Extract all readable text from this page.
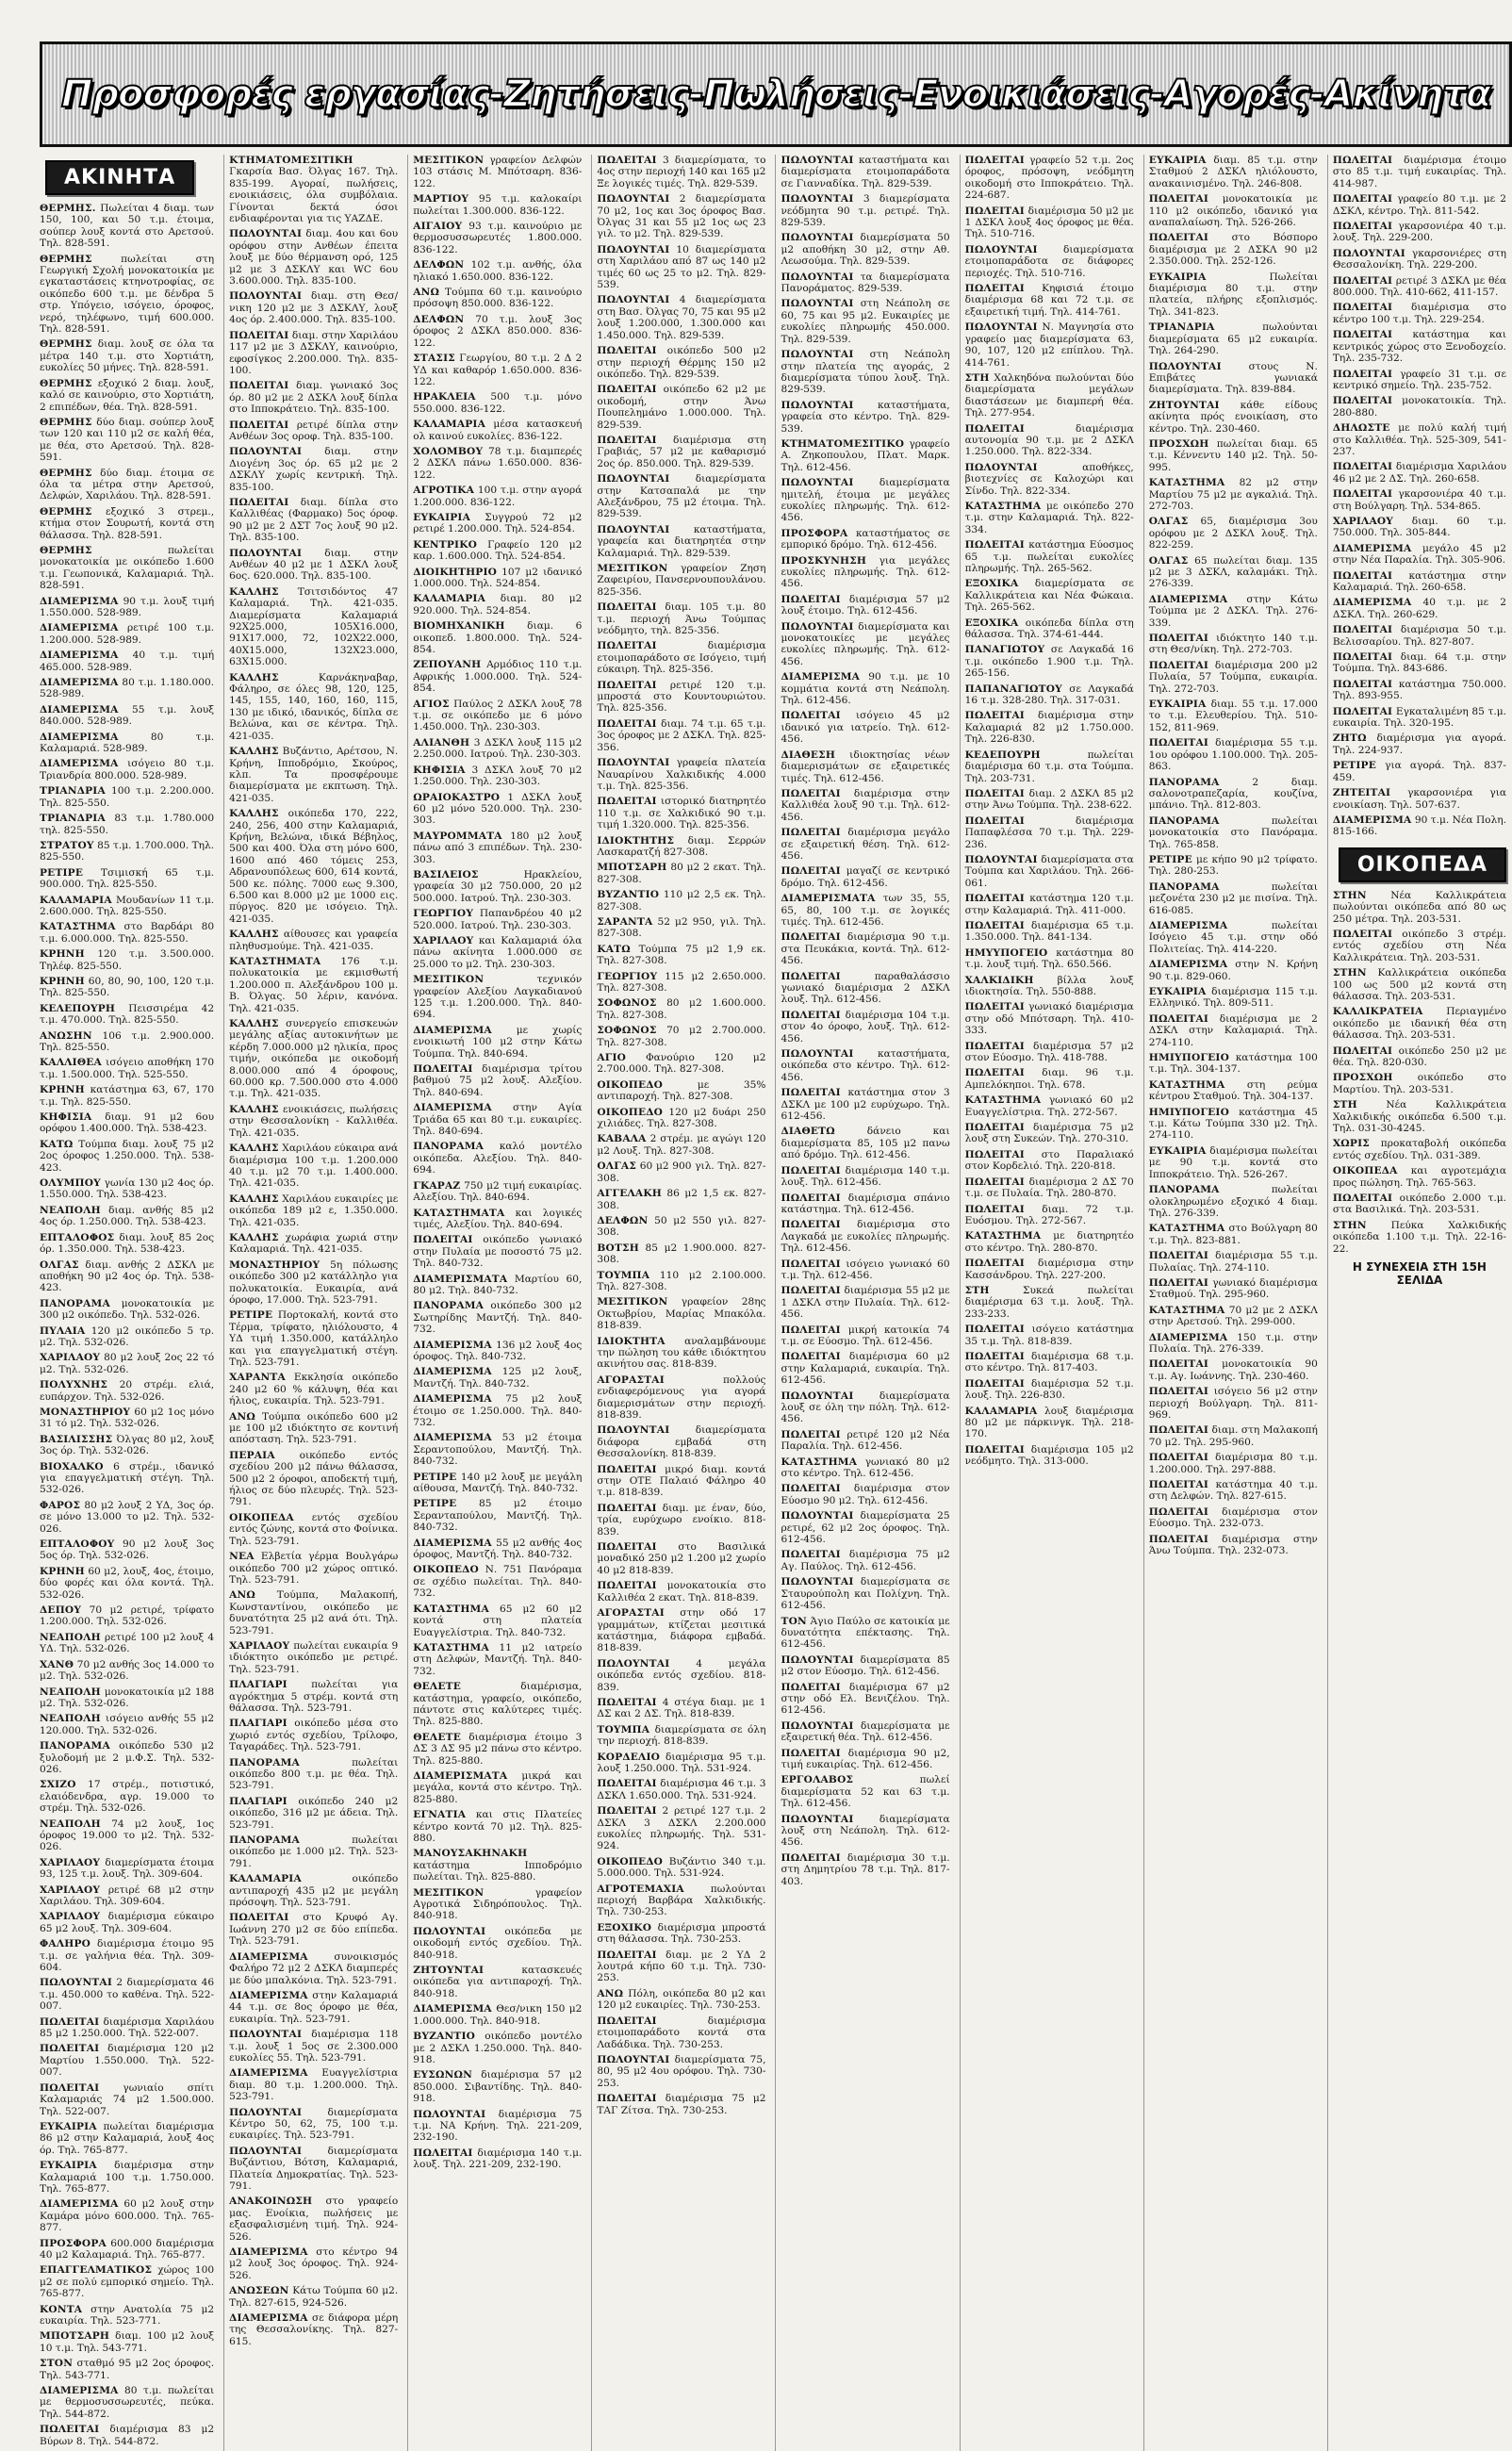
Προσφορές εργασίας-Ζητήσεις-Πωλήσεις-Ενοικιάσεις-Αγορές-Ακίνητα
ΑΚΙΝΗΤΑ

ΘΕΡΜΗΣ. Πωλείται 4 διαμ. των 150, 100, και 50 τ.μ. έτοιμα, σούπερ λουξ κοντά στο Αρετσού. Τηλ. 828-591.

ΘΕΡΜΗΣ	πωλείται στη Γεωργική Σχολή μονοκατοικία με εγκαταστάσεις κτηνοτροφίας, σε οικόπεδο 600 τ.μ. με δένδρα 5 στρ. Υπόγειο, ισόγειο, όροφος, νερό, τηλέφωνο, τιμή 600.000. Τηλ. 828-591.

ΘΕΡΜΗΣ διαμ. λουξ σε όλα τα μέτρα 140 τ.μ. στο Χορτιάτη, ευκολίες 50 μήνες. Τηλ. 828-591.

ΘΕΡΜΗΣ εξοχικό 2 διαμ. λουξ, καλό σε καινούριο, στο Χορτιάτη, 2 επιπέδων, θέα. Τηλ. 828-591.

ΘΕΡΜΗΣ δύο διαμ. σούπερ λουξ των 120 και 110 μ2 σε καλή θέα, με θέα, στο Αρετσού. Τηλ. 828-591.

ΘΕΡΜΗΣ δύο διαμ. έτοιμα σε όλα τα μέτρα στην Αρετσού, Δελφών, Χαριλάου. Τηλ. 828-591.

ΘΕΡΜΗΣ εξοχικό 3 στρεμ., κτήμα στον Σουρωτή, κοντά στη θάλασσα. Τηλ. 828-591.

ΘΕΡΜΗΣ	πωλείται μονοκατοικία με οικόπεδο 1.600 τ.μ. Γεωπονικά, Καλαμαριά. Τηλ. 828-591.

ΔΙΑΜΕΡΙΣΜΑ 90 τ.μ. λουξ τιμή 1.550.000. 528-989.

ΔΙΑΜΕΡΙΣΜΑ ρετιρέ 100 τ.μ. 1.200.000. 528-989.

ΔΙΑΜΕΡΙΣΜΑ 40 τ.μ. τιμή 465.000. 528-989.

ΔΙΑΜΕΡΙΣΜΑ 80 τ.μ. 1.180.000. 528-989.

ΔΙΑΜΕΡΙΣΜΑ 55 τ.μ. λουξ 840.000. 528-989.

ΔΙΑΜΕΡΙΣΜΑ	80 τ.μ. Καλαμαριά. 528-989.

ΔΙΑΜΕΡΙΣΜΑ ισόγειο 80 τ.μ. Τριανδρία 800.000. 528-989.

ΤΡΙΑΝΔΡΙΑ 100 τ.μ. 2.200.000. Τηλ. 825-550.

ΤΡΙΑΝΔΡΙΑ 83 τ.μ. 1.780.000 τηλ. 825-550.

ΣΤΡΑΤΟΥ 85 τ.μ. 1.700.000. Τηλ. 825-550.

ΡΕΤΙΡΕ Τσιμισκή 65 τ.μ. 900.000. Τηλ. 825-550.

ΚΑΛΑΜΑΡΙΑ Μουδανίων 11 τ.μ. 2.600.000. Τηλ. 825-550.

ΚΑΤΑΣΤΗΜΑ στο Βαρδάρι 80 τ.μ. 6.000.000. Τηλ. 825-550.

ΚΡΗΝΗ 120 τ.μ. 3.500.000. Τηλέφ. 825-550.

ΚΡΗΝΗ 60, 80, 90, 100, 120 τ.μ. Τηλ. 825-550.

ΚΕΛΕΠΟΥΡΗ Πεισσιρέμα 42 τ.μ. 470.000. Τηλ. 825-550.

ΑΝΩΣΗΝ 106 τ.μ. 2.900.000. Τηλ. 825-550.

ΚΑΛΛΙΘΕΑ ισόγειο αποθήκη 170 τ.μ. 1.500.000. Τηλ. 525-550.

ΚΡΗΝΗ κατάστημα 63, 67, 170 τ.μ. Τηλ. 825-550.

ΚΗΦΙΣΙΑ διαμ. 91 μ2 6ου ορόφου 1.400.000. Τηλ. 538-423.

ΚΑΤΩ Τούμπα διαμ. λουξ 75 μ2 2ος όροφος 1.250.000. Τηλ. 538-423.

ΟΛΥΜΠΟΥ γωνία 130 μ2 4ος όρ. 1.550.000. Τηλ. 538-423.

ΝΕΑΠΟΛΗ διαμ. ανθής 85 μ2 4ος όρ. 1.250.000. Τηλ. 538-423.

ΕΠΤΑΛΟΦΟΣ διαμ. λουξ 85 2ος όρ. 1.350.000. Τηλ. 538-423.

ΟΛΓΑΣ διαμ. ανθής 2 ΔΣΚΛ με αποθήκη 90 μ2 4ος όρ. Τηλ. 538-423.

ΠΑΝΟΡΑΜΑ μονοκατοικία με 300 μ2 οικόπεδο. Τηλ. 532-026.

ΠΥΛΑΙΑ 120 μ2 οικόπεδο 5 τρ. μ2. Τηλ. 532-026.

ΧΑΡΙΛΑΟΥ 80 μ2 λουξ 2ος 22 τό μ2. Τηλ. 532-026.

ΠΟΛΥΧΝΗΣ 20 στρέμ. ελιά, ευπάρχον. Τηλ. 532-026.

ΜΟΝΑΣΤΗΡΙΟΥ 60 μ2 1ος μόνο 31 τό μ2. Τηλ. 532-026.

ΒΑΣΙΛΙΣΣΗΣ Όλγας 80 μ2, λουξ 3ος όρ. Τηλ. 532-026.

ΒΙΟΧΑΛΚΟ 6 στρέμ., ιδανικό για επαγγελματική στέγη. Τηλ. 532-026.

ΦΑΡΟΣ 80 μ2 λουξ 2 ΥΔ, 3ος όρ. σε μόνο 13.000 το μ2. Τηλ. 532-026.

ΕΠΤΑΛΟΦΟΥ 90 μ2 λουξ 3ος 5ος όρ. Τηλ. 532-026.

ΚΡΗΝΗ 60 μ2, λουξ, 4ος, έτοιμο, δύο φορές και όλα κοντά. Τηλ. 532-026.

ΔΕΠΟΥ 70 μ2 ρετιρέ, τρίφατο 1.200.000. Τηλ. 532-026.

ΝΕΑΠΟΛΗ ρετιρέ 100 μ2 λουξ 4 ΥΔ. Τηλ. 532-026.

ΧΑΝΘ 70 μ2 ανθής 3ος 14.000 το μ2. Τηλ. 532-026.

ΝΕΑΠΟΛΗ μονοκατοικία μ2 188 μ2. Τηλ. 532-026.

ΝΕΑΠΟΛΗ ισόγειο ανθής 55 μ2 120.000. Τηλ. 532-026.

ΠΑΝΟΡΑΜΑ οικόπεδο 530 μ2 ξυλοδομή με 2 μ.Φ.Σ. Τηλ. 532-026.

ΣΧΙΖΟ 17 στρέμ., ποτιστικό, ελαιόδενδρα, αγρ. 19.000 το στρέμ. Τηλ. 532-026.

ΝΕΑΠΟΛΗ 74 μ2 λουξ, 1ος όροφος 19.000 το μ2. Τηλ. 532-026.

ΧΑΡΙΛΑΟΥ διαμερίσματα έτοιμα 93, 125 τ.μ. λουξ. Τηλ. 309-604.

ΧΑΡΙΛΑΟΥ ρετιρέ 68 μ2 στην Χαριλάου. Τηλ. 309-604.

ΧΑΡΙΛΑΟΥ διαμέρισμα εύκαιρο 65 μ2 λουξ. Τηλ. 309-604.

ΦΑΛΗΡΟ διαμέρισμα έτοιμο 95 τ.μ. σε γαλήνια θέα. Τηλ. 309-604.

ΠΩΛΟΥΝΤΑΙ 2 διαμερίσματα 46 τ.μ. 450.000 το καθένα. Τηλ. 522-007.

ΠΩΛΕΙΤΑΙ διαμέρισμα Χαριλάου 85 μ2 1.250.000. Τηλ. 522-007.

ΠΩΛΕΙΤΑΙ διαμέρισμα 120 μ2 Μαρτίου 1.550.000. Τηλ. 522-007.

ΠΩΛΕΙΤΑΙ γωνιαίο σπίτι Καλαμαριάς 74 μ2 1.500.000. Τηλ. 522-007.

ΕΥΚΑΙΡΙΑ πωλείται διαμέρισμα 86 μ2 στην Καλαμαριά, λουξ 4ος όρ. Τηλ. 765-877.

ΕΥΚΑΙΡΙΑ διαμέρισμα στην Καλαμαριά 100 τ.μ. 1.750.000. Τηλ. 765-877.

ΔΙΑΜΕΡΙΣΜΑ 60 μ2 λουξ στην Καμάρα μόνο 600.000. Τηλ. 765-877.

ΠΡΟΣΦΟΡΑ 600.000 διαμέρισμα 40 μ2 Καλαμαριά. Τηλ. 765-877.

ΕΠΑΓΓΕΛΜΑΤΙΚΟΣ χώρος 100 μ2 σε πολύ εμπορικό σημείο. Τηλ. 765-877.

ΚΟΝΤΑ στην Ανατολία 75 μ2 ευκαιρία. Τηλ. 523-771.

ΜΠΟΤΣΑΡΗ διαμ. 100 μ2 λουξ 10 τ.μ. Τηλ. 543-771.

ΣΤΟΝ σταθμό 95 μ2 2ος όροφος. Τηλ. 543-771.

ΔΙΑΜΕΡΙΣΜΑ 80 τ.μ. πωλείται με θερμοσυσσωρευτές, πεύκα. Τηλ. 544-872.

ΠΩΛΕΙΤΑΙ διαμέρισμα 83 μ2 Βύρων 8. Τηλ. 544-872.

ΚΤΗΜΑΤΟΜΕΣΙΤΙΚΗ Γκαρσία Βασ. Όλγας 167. Τηλ. 835-199. Αγοραί, πωλήσεις, ενοικιάσεις, όλα συμβόλαια. Γίνονται δεκτά όσοι ενδιαφέρονται για τις ΥΑΖΔΕ.

ΠΩΛΟΥΝΤΑΙ διαμ. 4ου και 6ου ορόφου στην Ανθέων έπειτα λουξ με δύο θέρμανση ορό, 125 μ2 με 3 ΔΣΚΛΥ και WC 6ου 3.600.000. Τηλ. 835-100.

ΠΩΛΟΥΝΤΑΙ διαμ. στη Θεσ/νικη 120 μ2 με 3 ΔΣΚΛΥ, λουξ 4ος όρ. 2.400.000. Τηλ. 835-100.

ΠΩΛΕΙΤΑΙ διαμ. στην Χαριλάου 117 μ2 με 3 ΔΣΚΛΥ, καινούριο, εφοσίγκος 2.200.000. Τηλ. 835-100.

ΠΩΛΕΙΤΑΙ διαμ. γωνιακό 3ος όρ. 80 μ2 με 2 ΔΣΚΛ λουξ δίπλα στο Ιπποκράτειο. Τηλ. 835-100.

ΠΩΛΕΙΤΑΙ ρετιρέ δίπλα στην Ανθέων 3ος οροφ. Τηλ. 835-100.

ΠΩΛΟΥΝΤΑΙ διαμ. στην Διογένη 3ος όρ. 65 μ2 με 2 ΔΣΚΛΥ χωρίς κεντρική. Τηλ. 835-100.

ΠΩΛΕΙΤΑΙ διαμ. δίπλα στο Καλλιθέας (Φαρμακο) 5ος όροφ. 90 μ2 με 2 ΔΣΤ 7ος λουξ 90 μ2. Τηλ. 835-100.

ΠΩΛΟΥΝΤΑΙ διαμ. στην Ανθέων 40 μ2 με 1 ΔΣΚΛ λουξ 6ος. 620.000. Τηλ. 835-100.

ΚΑΛΛΗΣ Τσιτσιδόντος 47 Καλαμαριά. Τηλ. 421-035. Διαμερίσματα Καλαμαριά 92Χ25.000, 105Χ16.000, 91Χ17.000, 72, 102Χ22.000, 40Χ15.000, 132Χ23.000, 63Χ15.000.

ΚΑΛΛΗΣ	Καρνάκηναβαρ, Φάληρο, σε όλες 98, 120, 125, 145, 155, 140, 160, 160, 115, 130 με ιδικό, ιδανικός, δίπλα σε Βελώνα, και σε κέντρα. Τηλ. 421-035.

ΚΑΛΛΗΣ Βυζάντιο, Αρέτσου, Ν. Κρήνη, Ιπποδρόμιο, Σκούρος, κλπ. Τα προσφέρουμε διαμερίσματα με εκπτωση. Τηλ. 421-035.

ΚΑΛΛΗΣ οικόπεδα 170, 222, 240, 256, 400 στην Καλαμαριά, Κρήνη, Βελώνα, ιδικά Βέβηλος, 500 και 400. Όλα στη μόνο 600, 1600 από 460 τόμεις 253, Αδρανουπόλεως 600, 614 κοντά, 500 κε. πόλης. 7000 εως 9.300, 6.500 και 8.000 μ2 με 1000 εις. πύργος. 820 με ισόγειο. Τηλ. 421-035.

ΚΑΛΛΗΣ αίθουσες και γραφεία πληθυσμούμε. Τηλ. 421-035.

ΚΑΤΑΣΤΗΜΑΤΑ 176 τ.μ. πολυκατοικία με εκμισθωτή 1.200.000 π. Αλεξάνδρου 100 μ. Β. Όλγας. 50 λέριν, κανόνα. Τηλ. 421-035.

ΚΑΛΛΗΣ συνεργείο επισκευών μεγάλης αξίας αυτοκινήτων με κέρδη 7.000.000 μ2 ηλικία, προς τιμήν, οικόπεδα με οικοδομή 8.000.000 από 4 όροφους, 60.000 κρ. 7.500.000 στο 4.000 τ.μ. Τηλ. 421-035.

ΚΑΛΛΗΣ ενοικιάσεις, πωλήσεις στην Θεσσαλονίκη - Καλλιθέα. Τηλ. 421-035.

ΚΑΛΛΗΣ Χαριλάου εύκαιρα ανά διαμέρισμα 100 τ.μ. 1.200.000 40 τ.μ. μ2 70 τ.μ. 1.400.000. Τηλ. 421-035.

ΚΑΛΛΗΣ Χαριλάου ευκαιρίες με οικόπεδα 189 μ2 ε, 1.350.000. Τηλ. 421-035.

ΚΑΛΛΗΣ χωράφια χωριά στην Καλαμαριά. Τηλ. 421-035.

ΜΟΝΑΣΤΗΡΙΟΥ 5η πόλωσης οικόπεδο 300 μ2 κατάλληλο για πολυκατοικία. Ευκαιρία, ανά όροφο, 17.000. Τηλ. 523-791.

ΡΕΤΙΡΕ Πορτοκαλή, κοντά στο Τέρμα, τρίφατο, ηλιόλουστο, 4 ΥΔ τιμή 1.350.000, κατάλληλο και για επαγγελματική στέγη. Τηλ. 523-791.

ΧΑΡΑΝΤΑ Εκκλησία οικόπεδο 240 μ2 60 % κάλυψη, θέα και ήλιος, ευκαιρία. Τηλ. 523-791.

ΑΝΩ Τούμπα οικόπεδο 600 μ2 με 100 μ2 ιδιόκτητο σε κοντινή απόσταση. Τηλ. 523-791.

ΠΕΡΑΙΑ οικόπεδο εντός σχεδίου 200 μ2 πάνω θάλασσα, 500 μ2 2 όροφοι, αποδεκτή τιμή, ήλιος σε δύο πλευρές. Τηλ. 523-791.

ΟΙΚΟΠΕΔΑ εντός σχεδίου εντός ζώνης, κοντά στο Φοίνικα. Τηλ. 523-791.

ΝΕΑ Ελβετία γέρμα Βουλγάρω οικόπεδο 700 μ2 χώρος οπτικό. Τηλ. 523-791.

ΑΝΩ Τούμπα, Μαλακοπή, Κωνσταντίνου, οικόπεδο με δυνατότητα 25 μ2 ανά ότι. Τηλ. 523-791.

ΧΑΡΙΛΑΟΥ πωλείται ευκαιρία 9 ιδιόκτητο οικόπεδο με ρετιρέ. Τηλ. 523-791.

ΠΛΑΓΙΑΡΙ πωλείται για αγρόκτημα 5 στρέμ. κοντά στη θάλασσα. Τηλ. 523-791.

ΠΛΑΓΙΑΡΙ οικόπεδο μέσα στο χωριό εντός σχεδίου, Τρίλοφο, Ταγαράδες. Τηλ. 523-791.

ΠΑΝΟΡΑΜΑ	πωλείται οικόπεδο 800 τ.μ. με θέα. Τηλ. 523-791.

ΠΛΑΓΙΑΡΙ οικόπεδο 240 μ2 οικόπεδο, 316 μ2 με άδεια. Τηλ. 523-791.

ΠΑΝΟΡΑΜΑ	πωλείται οικόπεδο με 1.000 μ2. Τηλ. 523-791.

ΚΑΛΑΜΑΡΙΑ	οικόπεδο αντιπαροχή 435 μ2 με μεγάλη πρόσοψη. Τηλ. 523-791.

ΠΩΛΕΙΤΑΙ στο Κρυφό Αγ. Ιωάννη 270 μ2 σε δύο επίπεδα. Τηλ. 523-791.

ΔΙΑΜΕΡΙΣΜΑ	συνοικισμός Φαλήρο 72 μ2 2 ΔΣΚΛ διαμπερές με δύο μπαλκόνια. Τηλ. 523-791.

ΔΙΑΜΕΡΙΣΜΑ στην Καλαμαριά 44 τ.μ. σε 8ος όροφο με θέα, ευκαιρία. Τηλ. 523-791.

ΠΩΛΟΥΝΤΑΙ διαμέρισμα 118 τ.μ. λουξ 1 5ος σε 2.300.000 ευκολίες 55. Τηλ. 523-791.

ΔΙΑΜΕΡΙΣΜΑ Ευαγγελίστρια διαμ. 80 τ.μ. 1.200.000. Τηλ. 523-791.

ΠΩΛΟΥΝΤΑΙ	διαμερίσματα Κέντρο 50, 62, 75, 100 τ.μ. ευκαιρίες. Τηλ. 523-791.

ΠΩΛΟΥΝΤΑΙ	διαμερίσματα Βυζάντιου, Βότση, Καλαμαριά, Πλατεία Δημοκρατίας. Τηλ. 523-791.

ΑΝΑΚΟΙΝΩΣΗ στο γραφείο μας. Ενοίκια, πωλήσεις με εξασφαλισμένη τιμή. Τηλ. 924-526.

ΔΙΑΜΕΡΙΣΜΑ στο κέντρο 94 μ2 λουξ 3ος όροφος. Τηλ. 924-526.

ΑΝΩΣΕΩΝ Κάτω Τούμπα 60 μ2. Τηλ. 827-615, 924-526.

ΔΙΑΜΕΡΙΣΜΑ σε διάφορα μέρη της Θεσσαλονίκης. Τηλ. 827-615.

ΜΕΣΙΤΙΚΟΝ γραφείον Δελφών 103 στάσις Μ. Μπότσαρη. 836-122.

ΜΑΡΤΙΟΥ 95 τ.μ. καλοκαίρι πωλείται 1.300.000. 836-122.

ΑΙΓΑΙΟΥ 93 τ.μ. καινούριο με θερμοσυσσωρευτές 1.800.000. 836-122.

ΔΕΛΦΩΝ 102 τ.μ. ανθής, όλα ηλιακό 1.650.000. 836-122.

ΑΝΩ Τούμπα 60 τ.μ. καινούριο πρόσοψη 850.000. 836-122.

ΔΕΛΦΩΝ 70 τ.μ. λουξ 3ος όροφος 2 ΔΣΚΛ 850.000. 836-122.

ΣΤΑΣΙΣ Γεωργίου, 80 τ.μ. 2 Δ 2 ΥΔ και καθαρόρ 1.650.000. 836-122.

ΗΡΑΚΛΕΙΑ 500 τ.μ. μόνο 550.000. 836-122.

ΚΑΛΑΜΑΡΙΑ μέσα κατασκευή ολ καινού ευκολίες. 836-122.

ΧΟΛΟΜΒΟΥ 78 τ.μ. διαμπερές 2 ΔΣΚΛ πάνω 1.650.000. 836-122.

ΑΓΡΟΤΙΚΑ 100 τ.μ. στην αγορά 1.200.000. 836-122.

ΕΥΚΑΙΡΙΑ Συγγρού 72 μ2 ρετιρέ 1.200.000. Τηλ. 524-854.

ΚΕΝΤΡΙΚΟ Γραφείο 120 μ2 καρ. 1.600.000. Τηλ. 524-854.

ΔΙΟΙΚΗΤΗΡΙΟ 107 μ2 ιδανικό 1.000.000. Τηλ. 524-854.

ΚΑΛΑΜΑΡΙΑ διαμ. 80 μ2 920.000. Τηλ. 524-854.

ΒΙΟΜΗΧΑΝΙΚΗ διαμ. 6 οικοπεδ. 1.800.000. Τηλ. 524-854.

ΖΕΠΟΥΑΝΗ Αρμόδιος 110 τ.μ. Αφρικής 1.000.000. Τηλ. 524-854.

ΑΓΙΟΣ Παύλος 2 ΔΣΚΛ λουξ 78 τ.μ. σε οικόπεδο με 6 μόνο 1.450.000. Τηλ. 230-303.

ΑΛΙΑΝΘΗ 3 ΔΣΚΛ λουξ 115 μ2 2.250.000. Ιατρού. Τηλ. 230-303.

ΚΗΦΙΣΙΑ 3 ΔΣΚΛ λουξ 70 μ2 1.250.000. Τηλ. 230-303.

ΩΡΑΙΟΚΑΣΤΡΟ 1 ΔΣΚΛ λουξ 60 μ2 μόνο 520.000. Τηλ. 230-303.

ΜΑΥΡΟΜΜΑΤΑ 180 μ2 λουξ πάνω από 3 επιπέδων. Τηλ. 230-303.

ΒΑΣΙΛΕΙΟΣ	Ηρακλείου, γραφεία 30 μ2 750.000, 20 μ2 500.000. Ιατρού. Τηλ. 230-303.

ΓΕΩΡΓΙΟΥ Παπανδρέου 40 μ2 520.000. Ιατρού. Τηλ. 230-303.

ΧΑΡΙΛΑΟΥ και Καλαμαριά όλα πάνω ακίνητα 1.000.000 σε 25.000 το μ2. Τηλ. 230-303.

ΜΕΣΙΤΙΚΟΝ	τεχνικόν γραφείον Αλεξίου Λαγκαδιανού 125 τ.μ. 1.200.000. Τηλ. 840-694.

ΔΙΑΜΕΡΙΣΜΑ με χωρίς ενοικιωτή 100 μ2 στην Κάτω Τούμπα. Τηλ. 840-694.

ΠΩΛΕΙΤΑΙ διαμέρισμα τρίτου βαθμού 75 μ2 λουξ. Αλεξίου. Τηλ. 840-694.

ΔΙΑΜΕΡΙΣΜΑ στην Αγία Τριάδα 65 και 80 τ.μ. ευκαιρίες. Τηλ. 840-694.

ΠΑΝΟΡΑΜΑ καλό μοντέλο οικόπεδα. Αλεξίου. Τηλ. 840-694.

ΓΚΑΡΑΖ 750 μ2 τιμή ευκαιρίας. Αλεξίου. Τηλ. 840-694.

ΚΑΤΑΣΤΗΜΑΤΑ και λογικές τιμές, Αλεξίου. Τηλ. 840-694.

ΠΩΛΕΙΤΑΙ οικόπεδο γωνιακό στην Πυλαία με ποσοστό 75 μ2. Τηλ. 840-732.

ΔΙΑΜΕΡΙΣΜΑΤΑ Μαρτίου 60, 80 μ2. Τηλ. 840-732.

ΠΑΝΟΡΑΜΑ οικόπεδο 300 μ2 Σωτηρίδης Μαντζή. Τηλ. 840-732.

ΔΙΑΜΕΡΙΣΜΑ 136 μ2 λουξ 4ος όροφος. Τηλ. 840-732.

ΔΙΑΜΕΡΙΣΜΑ 125 μ2 λουξ, Μαντζή. Τηλ. 840-732.

ΔΙΑΜΕΡΙΣΜΑ 75 μ2 λουξ έτοιμο σε 1.250.000. Τηλ. 840-732.

ΔΙΑΜΕΡΙΣΜΑ 53 μ2 έτοιμα Σεραντοπούλου, Μαντζή. Τηλ. 840-732.

ΡΕΤΙΡΕ 140 μ2 λουξ με μεγάλη αίθουσα, Μαντζή. Τηλ. 840-732.

ΡΕΤΙΡΕ 85 μ2 έτοιμο Σερανταπούλου, Μαντζή. Τηλ. 840-732.

ΔΙΑΜΕΡΙΣΜΑ 55 μ2 ανθής 4ος όροφος, Μαντζή. Τηλ. 840-732.

ΟΙΚΟΠΕΔΟ Ν. 751 Πανόραμα σε σχέδιο πωλείται. Τηλ. 840-732.

ΚΑΤΑΣΤΗΜΑ 65 μ2 60 μ2 κοντά στη πλατεία Ευαγγελίστρια. Τηλ. 840-732.

ΚΑΤΑΣΤΗΜΑ 11 μ2 ιατρείο στη Δελφών, Μαντζή. Τηλ. 840-732.

ΘΕΛΕΤΕ	διαμέρισμα, κατάστημα, γραφείο, οικόπεδο, πάντοτε στις καλύτερες τιμές. Τηλ. 825-880.

ΘΕΛΕΤΕ διαμέρισμα έτοιμο 3 ΔΣ 3 ΔΣ 95 μ2 πάνω στο κέντρο. Τηλ. 825-880.

ΔΙΑΜΕΡΙΣΜΑΤΑ μικρά και μεγάλα, κοντά στο κέντρο. Τηλ. 825-880.

ΕΓΝΑΤΙΑ και στις Πλατείες κέντρο κοντά 70 μ2. Τηλ. 825-880.

ΜΑΝΟΥΣΑΚΗΝΑΚΗ κατάστημα Ιπποδρόμιο πωλείται. Τηλ. 825-880.

ΜΕΣΙΤΙΚΟΝ	γραφείον Αγροτικά Σιδηρόπουλος. Τηλ. 840-918.

ΠΩΛΟΥΝΤΑΙ οικόπεδα με οικοδομή εντός σχεδίου. Τηλ. 840-918.

ΖΗΤΟΥΝΤΑΙ	κατασκευές οικόπεδα για αντιπαροχή. Τηλ. 840-918.

ΔΙΑΜΕΡΙΣΜΑ Θεσ/νικη 150 μ2 1.000.000. Τηλ. 840-918.

ΒΥΖΑΝΤΙΟ οικόπεδο μοντέλο με 2 ΔΣΚΛ 1.250.000. Τηλ. 840-918.

ΕΥΣΩΝΩΝ διαμέρισμα 57 μ2 850.000. Σιβαντίδης. Τηλ. 840-918.

ΠΩΛΟΥΝΤΑΙ διαμέρισμα 75 τ.μ. ΝΑ Κρήνη. Τηλ. 221-209, 232-190.

ΠΩΛΕΙΤΑΙ διαμέρισμα 140 τ.μ. λουξ. Τηλ. 221-209, 232-190.

ΠΩΛΕΙΤΑΙ 3 διαμερίσματα, το 4ος στην περιοχή 140 και 165 μ2 Ξε λογικές τιμές. Τηλ. 829-539.

ΠΩΛΟΥΝΤΑΙ 2 διαμερίσματα 70 μ2, 1ος και 3ος όροφος Βασ. Όλγας 31 και 55 μ2 1ος ως 23 γιλ. το μ2. Τηλ. 829-539.

ΠΩΛΟΥΝΤΑΙ 10 διαμερίσματα στη Χαριλάου από 87 ως 140 μ2 τιμές 60 ως 25 το μ2. Τηλ. 829-539.

ΠΩΛΟΥΝΤΑΙ 4 διαμερίσματα στη Βασ. Όλγας 70, 75 και 95 μ2 λουξ 1.200.000, 1.300.000 και 1.450.000. Τηλ. 829-539.

ΠΩΛΕΙΤΑΙ οικόπεδο 500 μ2 στην περιοχή Θέρμης 150 μ2 οικόπεδο. Τηλ. 829-539.

ΠΩΛΕΙΤΑΙ οικόπεδο 62 μ2 με οικοδομή, στην Άνω Πουπελημάνο 1.000.000. Τηλ. 829-539.

ΠΩΛΕΙΤΑΙ διαμέρισμα στη Γραβιάς, 57 μ2 με καθαρισμό 2ος όρ. 850.000. Τηλ. 829-539.

ΠΩΛΟΥΝΤΑΙ	διαμερίσματα στην Κατσαπαλά με την Αλεξάνδρου, 75 μ2 έτοιμα. Τηλ. 829-539.

ΠΩΛΟΥΝΤΑΙ καταστήματα, γραφεία και διατηρητέα στην Καλαμαριά. Τηλ. 829-539.

ΜΕΣΙΤΙΚΟΝ γραφείον Ζηση Ζαφειρίου, Πανσερνουπουλάνου. 825-356.

ΠΩΛΕΙΤΑΙ διαμ. 105 τ.μ. 80 τ.μ. περιοχή Άνω Τούμπας νεόδμητο, τηλ. 825-356.

ΠΩΛΕΙΤΑΙ	διαμέρισμα ετοιμοπαράδοτο σε Ισόγειο, τιμή εύκαιρη. Τηλ. 825-356.

ΠΩΛΕΙΤΑΙ ρετιρέ 120 τ.μ. μπροστά στο Κουντουριώτου. Τηλ. 825-356.

ΠΩΛΕΙΤΑΙ διαμ. 74 τ.μ. 65 τ.μ. 3ος όροφος με 2 ΔΣΚΛ. Τηλ. 825-356.

ΠΩΛΟΥΝΤΑΙ γραφεία πλατεία Ναυαρίνου Χαλκιδικής 4.000 τ.μ. Τηλ. 825-356.

ΠΩΛΕΙΤΑΙ ιστορικό διατηρητέο 110 τ.μ. σε Χαλκιδικό 90 τ.μ. τιμή 1.320.000. Τηλ. 825-356.

ΙΔΙΟΚΤΗΤΗΣ διαμ. Σερρών Λασκαρατζή 827-308.

ΜΠΟΤΣΑΡΗ 80 μ2 2 εκατ. Τηλ. 827-308.

ΒΥΖΑΝΤΙΟ 110 μ2 2,5 εκ. Τηλ. 827-308.

ΣΑΡΑΝΤΑ 52 μ2 950, γιλ. Τηλ. 827-308.

ΚΑΤΩ Τούμπα 75 μ2 1,9 εκ. Τηλ. 827-308.

ΓΕΩΡΓΙΟΥ 115 μ2 2.650.000. Τηλ. 827-308.

ΣΟΦΩΝΟΣ 80 μ2 1.600.000. Τηλ. 827-308.

ΣΟΦΩΝΟΣ 70 μ2 2.700.000. Τηλ. 827-308.

ΑΓΙΟ Φανούριο 120 μ2 2.700.000. Τηλ. 827-308.

ΟΙΚΟΠΕΔΟ	με 35% αντιπαροχή. Τηλ. 827-308.

ΟΙΚΟΠΕΔΟ 120 μ2 δυάρι 250 χιλιάδες. Τηλ. 827-308.

ΚΑΒΑΛΑ 2 στρέμ. με αγώγι 120 μ2 Λουξ. Τηλ. 827-308.

ΟΛΓΑΣ 60 μ2 900 γιλ. Τηλ. 827-308.

ΑΓΓΕΛΑΚΗ 86 μ2 1,5 εκ. 827-308.

ΔΕΛΦΩΝ 50 μ2 550 γιλ. 827-308.

ΒΟΤΣΗ 85 μ2 1.900.000. 827-308.

ΤΟΥΜΠΑ 110 μ2 2.100.000. Τηλ. 827-308.

ΜΕΣΙΤΙΚΟΝ γραφείον 28ης Οκτωβρίου, Μαρίας Μπακόλα. 818-839.

ΙΔΙΟΚΤΗΤΑ αναλαμβάνουμε την πώληση του κάθε ιδιόκτητου ακινήτου σας. 818-839.

ΑΓΟΡΑΣΤΑΙ	πολλούς ενδιαφερόμενους για αγορά διαμερισμάτων στην περιοχή. 818-839.

ΠΩΛΟΥΝΤΑΙ	διαμερίσματα διάφορα εμβαδά στη Θεσσαλονίκη. 818-839.

ΠΩΛΕΙΤΑΙ μικρό διαμ. κοντά στην ΟΤΕ Παλαιό Φάληρο 40 τ.μ. 818-839.

ΠΩΛΕΙΤΑΙ διαμ. με έναν, δύο, τρία, ευρύχωρο ενοίκιο. 818-839.

ΠΩΛΕΙΤΑΙ στο Βασιλικά μοναδικό 250 μ2 1.200 μ2 χωρίο 40 μ2 818-839.

ΠΩΛΕΙΤΑΙ μονοκατοικία στο Καλλιθέα 2 εκατ. Τηλ. 818-839.

ΑΓΟΡΑΣΤΑΙ στην οδό 17 γραμμάτων, κτίζεται μεσιτικά κατάστημα, διάφορα εμβαδά. 818-839.

ΠΩΛΟΥΝΤΑΙ	4 μεγάλα οικόπεδα εντός σχεδίου. 818-839.

ΠΩΛΕΙΤΑΙ 4 στέγα διαμ. με 1 ΔΣ και 2 ΔΣ. Τηλ. 818-839.

ΤΟΥΜΠΑ διαμερίσματα σε όλη την περιοχή. 818-839.

ΚΟΡΔΕΛΙΟ διαμέρισμα 95 τ.μ. λουξ 1.250.000. Τηλ. 531-924.

ΠΩΛΕΙΤΑΙ διαμέρισμα 46 τ.μ. 3 ΔΣΚΛ 1.650.000. Τηλ. 531-924.

ΠΩΛΕΙΤΑΙ 2 ρετιρέ 127 τ.μ. 2 ΔΣΚΛ 3 ΔΣΚΛ 2.200.000 ευκολίες πληρωμής. Τηλ. 531-924.

ΟΙΚΟΠΕΔΟ Βυζάντιο 340 τ.μ. 5.000.000. Τηλ. 531-924.

ΑΓΡΟΤΕΜΑΧΙΑ	πωλούνται περιοχή Βαρβάρα Χαλκιδικής. Τηλ. 730-253.

ΕΞΟΧΙΚΟ διαμέρισμα μπροστά στη θάλασσα. Τηλ. 730-253.

ΠΩΛΕΙΤΑΙ διαμ. με 2 ΥΔ 2 λουτρά κήπο 60 τ.μ. Τηλ. 730-253.

ΑΝΩ Πόλη, οικόπεδα 80 μ2 και 120 μ2 ευκαιρίες. Τηλ. 730-253.

ΠΩΛΕΙΤΑΙ	διαμέρισμα ετοιμοπαράδοτο κοντά στα Λαδάδικα. Τηλ. 730-253.

ΠΩΛΟΥΝΤΑΙ διαμερίσματα 75, 80, 95 μ2 4ου ορόφου. Τηλ. 730-253.

ΠΩΛΕΙΤΑΙ διαμέρισμα 75 μ2 ΤΑΓ Ζίτσα. Τηλ. 730-253.

ΠΩΛΟΥΝΤΑΙ καταστήματα και διαμερίσματα ετοιμοπαράδοτα σε Γιανναδίκα. Τηλ. 829-539.

ΠΩΛΟΥΝΤΑΙ 3 διαμερίσματα νεόδμητα 90 τ.μ. ρετιρέ. Τηλ. 829-539.

ΠΩΛΟΥΝΤΑΙ διαμερίσματα 50 μ2 αποθήκη 30 μ2, στην Αθ. Λεωσούμα. Τηλ. 829-539.

ΠΩΛΟΥΝΤΑΙ τα διαμερίσματα Πανοράματος. 829-539.

ΠΩΛΟΥΝΤΑΙ στη Νεάπολη σε 60, 75 και 95 μ2. Ευκαιρίες με ευκολίες πληρωμής 450.000. Τηλ. 829-539.

ΠΩΛΟΥΝΤΑΙ στη Νεάπολη στην πλατεία της αγοράς, 2 διαμερίσματα τύπου λουξ. Τηλ. 829-539.

ΠΩΛΟΥΝΤΑΙ καταστήματα, γραφεία στο κέντρο. Τηλ. 829-539.

ΚΤΗΜΑΤΟΜΕΣΙΤΙΚΟ γραφείο Α. Ζηκοπουλου, Πλατ. Μαρκ. Τηλ. 612-456.

ΠΩΛΟΥΝΤΑΙ	διαμερίσματα ημιτελή, έτοιμα με μεγάλες ευκολίες πληρωμής. Τηλ. 612-456.

ΠΡΟΣΦΟΡΑ καταστήματος σε εμπορικό δρόμο. Τηλ. 612-456.

ΠΡΟΣΚΥΝΗΣΗ για μεγάλες ευκολίες πληρωμής. Τηλ. 612-456.

ΠΩΛΕΙΤΑΙ διαμέρισμα 57 μ2 λουξ έτοιμο. Τηλ. 612-456.

ΠΩΛΟΥΝΤΑΙ διαμερίσματα και μονοκατοικίες με μεγάλες ευκολίες πληρωμής. Τηλ. 612-456.

ΔΙΑΜΕΡΙΣΜΑ 90 τ.μ. με 10 κομμάτια κοντά στη Νεάπολη. Τηλ. 612-456.

ΠΩΛΕΙΤΑΙ ισόγειο 45 μ2 ιδανικό για ιατρείο. Τηλ. 612-456.

ΔΙΑΘΕΣΗ ιδιοκτησίας νέων διαμερισμάτων σε εξαιρετικές τιμές. Τηλ. 612-456.

ΠΩΛΕΙΤΑΙ διαμέρισμα στην Καλλιθέα λουξ 90 τ.μ. Τηλ. 612-456.

ΠΩΛΕΙΤΑΙ διαμέρισμα μεγάλο σε εξαιρετική θέση. Τηλ. 612-456.

ΠΩΛΕΙΤΑΙ μαγαζί σε κεντρικό δρόμο. Τηλ. 612-456.

ΔΙΑΜΕΡΙΣΜΑΤΑ των 35, 55, 65, 80, 100 τ.μ. σε λογικές τιμές. Τηλ. 612-456.

ΠΩΛΕΙΤΑΙ διαμέρισμα 90 τ.μ. στα Πευκάκια, κοντά. Τηλ. 612-456.

ΠΩΛΕΙΤΑΙ	παραθαλάσσιο γωνιακό διαμέρισμα 2 ΔΣΚΛ λουξ. Τηλ. 612-456.

ΠΩΛΕΙΤΑΙ διαμέρισμα 104 τ.μ. στον 4ο όροφο, λουξ. Τηλ. 612-456.

ΠΩΛΟΥΝΤΑΙ καταστήματα, οικόπεδα στο κέντρο. Τηλ. 612-456.

ΠΩΛΕΙΤΑΙ κατάστημα στον 3 ΔΣΚΛ με 100 μ2 ευρύχωρο. Τηλ. 612-456.

ΔΙΑΘΕΤΩ	δάνειο και διαμερίσματα 85, 105 μ2 πανω από δρόμο. Τηλ. 612-456.

ΠΩΛΕΙΤΑΙ διαμέρισμα 140 τ.μ. λουξ. Τηλ. 612-456.

ΠΩΛΕΙΤΑΙ διαμέρισμα σπάνιο κατάστημα. Τηλ. 612-456.

ΠΩΛΕΙΤΑΙ διαμέρισμα στο Λαγκαδά με ευκολίες πληρωμής. Τηλ. 612-456.

ΠΩΛΕΙΤΑΙ ισόγειο γωνιακό 60 τ.μ. Τηλ. 612-456.

ΠΩΛΕΙΤΑΙ διαμέρισμα 55 μ2 με 1 ΔΣΚΛ στην Πυλαία. Τηλ. 612-456.

ΠΩΛΕΙΤΑΙ μικρή κατοικία 74 τ.μ. σε Εύοσμο. Τηλ. 612-456.

ΠΩΛΕΙΤΑΙ διαμέρισμα 60 μ2 στην Καλαμαριά, ευκαιρία. Τηλ. 612-456.

ΠΩΛΟΥΝΤΑΙ	διαμερίσματα λουξ σε όλη την πόλη. Τηλ. 612-456.

ΠΩΛΕΙΤΑΙ ρετιρέ 120 μ2 Νέα Παραλία. Τηλ. 612-456.

ΚΑΤΑΣΤΗΜΑ γωνιακό 80 μ2 στο κέντρο. Τηλ. 612-456.

ΠΩΛΕΙΤΑΙ διαμέρισμα στον Εύοσμο 90 μ2. Τηλ. 612-456.

ΠΩΛΟΥΝΤΑΙ διαμερίσματα 25 ρετιρέ, 62 μ2 2ος όροφος. Τηλ. 612-456.

ΠΩΛΕΙΤΑΙ διαμέρισμα 75 μ2 Αγ. Παύλος. Τηλ. 612-456.

ΠΩΛΟΥΝΤΑΙ διαμερίσματα σε Σταυρούπολη και Πολίχνη. Τηλ. 612-456.

ΤΟΝ Άγιο Παύλο σε κατοικία με δυνατότητα επέκτασης. Τηλ. 612-456.

ΠΩΛΟΥΝΤΑΙ διαμερίσματα 85 μ2 στον Εύοσμο. Τηλ. 612-456.

ΠΩΛΕΙΤΑΙ διαμέρισμα 67 μ2 στην οδό Ελ. Βενιζέλου. Τηλ. 612-456.

ΠΩΛΟΥΝΤΑΙ διαμερίσματα με εξαιρετική θέα. Τηλ. 612-456.

ΠΩΛΕΙΤΑΙ διαμέρισμα 90 μ2, τιμή ευκαιρίας. Τηλ. 612-456.

ΕΡΓΟΛΑΒΟΣ	πωλεί διαμερίσματα 52 και 63 τ.μ. Τηλ. 612-456.

ΠΩΛΟΥΝΤΑΙ	διαμερίσματα λουξ στη Νεάπολη. Τηλ. 612-456.

ΠΩΛΕΙΤΑΙ διαμέρισμα 30 τ.μ. στη Δημητρίου 78 τ.μ. Τηλ. 817-403.

ΠΩΛΕΙΤΑΙ γραφείο 52 τ.μ. 2ος όροφος, πρόσοψη, νεόδμητη οικοδομή στο Ιπποκράτειο. Τηλ. 224-687.

ΠΩΛΕΙΤΑΙ διαμέρισμα 50 μ2 με 1 ΔΣΚΛ λουξ 4ος όροφος με θέα. Τηλ. 510-716.

ΠΩΛΟΥΝΤΑΙ	διαμερίσματα ετοιμοπαράδοτα σε διάφορες περιοχές. Τηλ. 510-716.

ΠΩΛΕΙΤΑΙ Κηφισιά έτοιμο διαμέρισμα 68 και 72 τ.μ. σε εξαιρετική τιμή. Τηλ. 414-761.

ΠΩΛΟΥΝΤΑΙ Ν. Μαγνησία στο γραφείο μας διαμερίσματα 63, 90, 107, 120 μ2 επίπλου. Τηλ. 414-761.

ΣΤΗ Χαλκηδόνα πωλούνται δύο διαμερίσματα μεγάλων διαστάσεων με διαμπερή θέα. Τηλ. 277-954.

ΠΩΛΕΙΤΑΙ	διαμέρισμα αυτονομία 90 τ.μ. με 2 ΔΣΚΛ 1.250.000. Τηλ. 822-334.

ΠΩΛΟΥΝΤΑΙ	αποθήκες, βιοτεχνίες σε Καλοχώρι και Σίνδο. Τηλ. 822-334.

ΚΑΤΑΣΤΗΜΑ με οικόπεδο 270 τ.μ. στην Καλαμαριά. Τηλ. 822-334.

ΠΩΛΕΙΤΑΙ κατάστημα Εύοσμος 65 τ.μ. πωλείται ευκολίες πληρωμής. Τηλ. 265-562.

ΕΞΟΧΙΚΑ διαμερίσματα σε Καλλικράτεια και Νέα Φώκαια. Τηλ. 265-562.

ΕΞΟΧΙΚΑ οικόπεδα δίπλα στη θάλασσα. Τηλ. 374-61-444.

ΠΑΝΑΓΙΩΤΟΥ σε Λαγκαδά 16 τ.μ. οικόπεδο 1.900 τ.μ. Τηλ. 265-156.

ΠΑΠΑΝΑΓΙΩΤΟΥ σε Λαγκαδά 16 τ.μ. 328-280. Τηλ. 317-031.

ΠΩΛΕΙΤΑΙ διαμέρισμα στην Καλαμαριά 82 μ2 1.750.000. Τηλ. 226-830.

ΚΕΔΕΠΟΥΡΗ	πωλείται διαμέρισμα 60 τ.μ. στα Τούμπα. Τηλ. 203-731.

ΠΩΛΕΙΤΑΙ διαμ. 2 ΔΣΚΛ 85 μ2 στην Άνω Τούμπα. Τηλ. 238-622.

ΠΩΛΕΙΤΑΙ	διαμέρισμα Παπαφλέσσα 70 τ.μ. Τηλ. 229-236.

ΠΩΛΟΥΝΤΑΙ διαμερίσματα στα Τούμπα και Χαριλάου. Τηλ. 266-061.

ΠΩΛΕΙΤΑΙ κατάστημα 120 τ.μ. στην Καλαμαριά. Τηλ. 411-000.

ΠΩΛΕΙΤΑΙ διαμέρισμα 65 τ.μ. 1.350.000. Τηλ. 841-134.

ΗΜΥΥΠΟΓΕΙΟ κατάστημα 80 τ.μ. λουξ τιμή. Τηλ. 650.566.

ΧΑΛΚΙΔΙΚΗ βίλλα λουξ ιδιοκτησία. Τηλ. 550-888.

ΠΩΛΕΙΤΑΙ γωνιακό διαμέρισμα στην οδό Μπότσαρη. Τηλ. 410-333.

ΠΩΛΕΙΤΑΙ διαμέρισμα 57 μ2 στον Εύοσμο. Τηλ. 418-788.

ΠΩΛΕΙΤΑΙ διαμ. 96 τ.μ. Αμπελόκηποι. Τηλ. 678.

ΚΑΤΑΣΤΗΜΑ γωνιακό 60 μ2 Ευαγγελίστρια. Τηλ. 272-567.

ΠΩΛΕΙΤΑΙ διαμέρισμα 75 μ2 λουξ στη Συκεών. Τηλ. 270-310.

ΠΩΛΕΙΤΑΙ στο Παραλιακό στον Κορδελιό. Τηλ. 220-818.

ΠΩΛΕΙΤΑΙ διαμέρισμα 2 ΔΣ 70 τ.μ. σε Πυλαία. Τηλ. 280-870.

ΠΩΛΕΙΤΑΙ διαμ. 72 τ.μ. Ευόσμου. Τηλ. 272-567.

ΚΑΤΑΣΤΗΜΑ με διατηρητέο στο κέντρο. Τηλ. 280-870.

ΠΩΛΕΙΤΑΙ διαμέρισμα στην Κασσάνδρου. Τηλ. 227-200.

ΣΤΗ	Συκεά πωλείται διαμέρισμα 63 τ.μ. λουξ. Τηλ. 233-233.

ΠΩΛΕΙΤΑΙ ισόγειο κατάστημα 35 τ.μ. Τηλ. 818-839.

ΠΩΛΕΙΤΑΙ διαμέρισμα 68 τ.μ. στο κέντρο. Τηλ. 817-403.

ΠΩΛΕΙΤΑΙ διαμέρισμα 52 τ.μ. λουξ. Τηλ. 226-830.

ΚΑΛΑΜΑΡΙΑ λουξ διαμέρισμα 80 μ2 με πάρκινγκ. Τηλ. 218-170.

ΠΩΛΕΙΤΑΙ διαμέρισμα 105 μ2 νεόδμητο. Τηλ. 313-000.

ΕΥΚΑΙΡΙΑ διαμ. 85 τ.μ. στην Σταθμού 2 ΔΣΚΛ ηλιόλουστο, ανακαινισμένο. Τηλ. 246-808.

ΠΩΛΕΙΤΑΙ μονοκατοικία με 110 μ2 οικόπεδο, ιδανικό για αναπαλαίωση. Τηλ. 526-266.

ΠΩΛΕΙΤΑΙ στο Βόσπορο διαμέρισμα με 2 ΔΣΚΛ 90 μ2 2.350.000. Τηλ. 252-126.

ΕΥΚΑΙΡΙΑ	Πωλείται διαμέρισμα 80 τ.μ. στην πλατεία, πλήρης εξοπλισμός. Τηλ. 341-823.

ΤΡΙΑΝΔΡΙΑ	πωλούνται διαμερίσματα 65 μ2 ευκαιρία. Τηλ. 264-290.

ΠΩΛΟΥΝΤΑΙ	στους Ν. Επιβάτες γωνιακά διαμερίσματα. Τηλ. 839-884.

ΖΗΤΟΥΝΤΑΙ κάθε είδους ακίνητα πρός ενοικίαση, στο κέντρο. Τηλ. 230-460.

ΠΡΟΣΧΩΗ πωλείται διαμ. 65 τ.μ. Κέννεντυ 140 μ2. Τηλ. 50-995.

ΚΑΤΑΣΤΗΜΑ 82 μ2 στην Μαρτίου 75 μ2 με αγκαλιά. Τηλ. 272-703.

ΟΛΓΑΣ 65, διαμέρισμα 3ου ορόφου με 2 ΔΣΚΛ λουξ. Τηλ. 822-259.

ΟΛΓΑΣ 65 πωλείται διαμ. 135 μ2 με 3 ΔΣΚΛ, καλαμάκι. Τηλ. 276-339.

ΔΙΑΜΕΡΙΣΜΑ στην Κάτω Τούμπα με 2 ΔΣΚΛ. Τηλ. 276-339.

ΠΩΛΕΙΤΑΙ ιδιόκτητο 140 τ.μ. στη Θεσ/νίκη. Τηλ. 272-703.

ΠΩΛΕΙΤΑΙ διαμέρισμα 200 μ2 Πυλαία, 57 Τούμπα, ευκαιρία. Τηλ. 272-703.

ΕΥΚΑΙΡΙΑ διαμ. 55 τ.μ. 17.000 το τ.μ. Ελευθερίου. Τηλ. 510-152, 811-969.

ΠΩΛΕΙΤΑΙ διαμέρισμα 55 τ.μ. 1ου ορόφου 1.100.000. Τηλ. 205-863.

ΠΑΝΟΡΑΜΑ	2 διαμ. σαλονοτραπεζαρία, κουζίνα, μπάνιο. Τηλ. 812-803.

ΠΑΝΟΡΑΜΑ	πωλείται μονοκατοικία στο Πανόραμα. Τηλ. 765-858.

ΡΕΤΙΡΕ με κήπο 90 μ2 τρίφατο. Τηλ. 280-253.

ΠΑΝΟΡΑΜΑ	πωλείται μεζονέτα 230 μ2 με πισίνα. Τηλ. 616-085.

ΔΙΑΜΕΡΙΣΜΑ	πωλείται Ισόγειο 45 τ.μ. στην οδό Πολιτείας. Τηλ. 414-220.

ΔΙΑΜΕΡΙΣΜΑ στην Ν. Κρήνη 90 τ.μ. 829-060.

ΕΥΚΑΙΡΙΑ διαμέρισμα 115 τ.μ. Ελληνικό. Τηλ. 809-511.

ΠΩΛΕΙΤΑΙ διαμέρισμα με 2 ΔΣΚΛ στην Καλαμαριά. Τηλ. 274-110.

ΗΜΙΥΠΟΓΕΙΟ κατάστημα 100 τ.μ. Τηλ. 304-137.

ΚΑΤΑΣΤΗΜΑ στη ρεύμα κέντρου Σταθμού. Τηλ. 304-137.

ΗΜΙΥΠΟΓΕΙΟ κατάστημα 45 τ.μ. Κάτω Τούμπα 330 μ2. Τηλ. 274-110.

ΕΥΚΑΙΡΙΑ διαμέρισμα πωλείται με 90 τ.μ. κοντά στο Ιπποκράτειο. Τηλ. 526-267.

ΠΑΝΟΡΑΜΑ	πωλείται ολοκληρωμένο εξοχικό 4 διαμ. Τηλ. 276-339.

ΚΑΤΑΣΤΗΜΑ στο Βούλγαρη 80 τ.μ. Τηλ. 823-881.

ΠΩΛΕΙΤΑΙ διαμέρισμα 55 τ.μ. Πυλαίας. Τηλ. 274-110.

ΠΩΛΕΙΤΑΙ γωνιακό διαμέρισμα Σταθμού. Τηλ. 295-960.

ΚΑΤΑΣΤΗΜΑ 70 μ2 με 2 ΔΣΚΛ στην Αρετσού. Τηλ. 299-000.

ΔΙΑΜΕΡΙΣΜΑ 150 τ.μ. στην Πυλαία. Τηλ. 276-339.

ΠΩΛΕΙΤΑΙ μονοκατοικία 90 τ.μ. Αγ. Ιωάννης. Τηλ. 230-460.

ΠΩΛΕΙΤΑΙ ισόγειο 56 μ2 στην περιοχή Βούλγαρη. Τηλ. 811-969.

ΠΩΛΕΙΤΑΙ διαμ. στη Μαλακοπή 70 μ2. Τηλ. 295-960.

ΠΩΛΕΙΤΑΙ διαμέρισμα 80 τ.μ. 1.200.000. Τηλ. 297-888.

ΠΩΛΕΙΤΑΙ κατάστημα 40 τ.μ. στη Δελφών. Τηλ. 827-615.

ΠΩΛΕΙΤΑΙ διαμέρισμα στον Εύοσμο. Τηλ. 232-073.

ΠΩΛΕΙΤΑΙ διαμέρισμα στην Άνω Τούμπα. Τηλ. 232-073.

ΠΩΛΕΙΤΑΙ διαμέρισμα έτοιμο στο 85 τ.μ. τιμή ευκαιρίας. Τηλ. 414-987.

ΠΩΛΕΙΤΑΙ γραφείο 80 τ.μ. με 2 ΔΣΚΛ, κέντρο. Τηλ. 811-542.

ΠΩΛΕΙΤΑΙ γκαρσονιέρα 40 τ.μ. λουξ. Τηλ. 229-200.

ΠΩΛΟΥΝΤΑΙ γκαρσονιέρες στη Θεσσαλονίκη. Τηλ. 229-200.

ΠΩΛΕΙΤΑΙ ρετιρέ 3 ΔΣΚΛ με θέα 800.000. Τηλ. 410-662, 411-157.

ΠΩΛΕΙΤΑΙ διαμέρισμα στο κέντρο 100 τ.μ. Τηλ. 229-254.

ΠΩΛΕΙΤΑΙ κατάστημα και κεντρικός χώρος στο Ξενοδοχείο. Τηλ. 235-732.

ΠΩΛΕΙΤΑΙ γραφείο 31 τ.μ. σε κεντρικό σημείο. Τηλ. 235-752.

ΠΩΛΕΙΤΑΙ μονοκατοικία. Τηλ. 280-880.

ΔΗΛΩΣΤΕ με πολύ καλή τιμή στο Καλλιθέα. Τηλ. 525-309, 541-237.

ΠΩΛΕΙΤΑΙ διαμέρισμα Χαριλάου 46 μ2 με 2 ΔΣ. Τηλ. 260-658.

ΠΩΛΕΙΤΑΙ γκαρσονιέρα 40 τ.μ. στη Βούλγαρη. Τηλ. 534-865.

ΧΑΡΙΛΑΟΥ διαμ. 60 τ.μ. 750.000. Τηλ. 305-844.

ΔΙΑΜΕΡΙΣΜΑ μεγάλο 45 μ2 στην Νέα Παραλία. Τηλ. 305-906.

ΠΩΛΕΙΤΑΙ κατάστημα στην Καλαμαριά. Τηλ. 260-658.

ΔΙΑΜΕΡΙΣΜΑ 40 τ.μ. με 2 ΔΣΚΛ. Τηλ. 260-629.

ΠΩΛΕΙΤΑΙ διαμέρισμα 50 τ.μ. Βελισσαρίου. Τηλ. 827-807.

ΠΩΛΕΙΤΑΙ διαμ. 64 τ.μ. στην Τούμπα. Τηλ. 843-686.

ΠΩΛΕΙΤΑΙ κατάστημα 750.000. Τηλ. 893-955.

ΠΩΛΕΙΤΑΙ Εγκαταλιμένη 85 τ.μ. ευκαιρία. Τηλ. 320-195.

ΖΗΤΩ διαμέρισμα για αγορά. Τηλ. 224-937.

ΡΕΤΙΡΕ για αγορά. Τηλ. 837-459.

ΖΗΤΕΙΤΑΙ γκαρσονιέρα για ενοικίαση. Τηλ. 507-637.

ΔΙΑΜΕΡΙΣΜΑ 90 τ.μ. Νέα Πολη. 815-166.

ΟΙΚΟΠΕΔΑ

ΣΤΗΝ Νέα Καλλικράτεια πωλούνται οικόπεδα από 80 ως 250 μέτρα. Τηλ. 203-531.

ΠΩΛΕΙΤΑΙ οικόπεδο 3 στρέμ. εντός σχεδίου στη Νέα Καλλικράτεια. Τηλ. 203-531.

ΣΤΗΝ Καλλικράτεια οικόπεδα 100 ως 500 μ2 κοντά στη θάλασσα. Τηλ. 203-531.

ΚΑΛΛΙΚΡΑΤΕΙΑ Περιαγμένο οικόπεδο με ιδανική θέα στη θάλασσα. Τηλ. 203-531.

ΠΩΛΕΙΤΑΙ οικόπεδο 250 μ2 με θέα. Τηλ. 820-030.

ΠΡΟΣΧΩΗ οικόπεδο στο Μαρτίου. Τηλ. 203-531.

ΣΤΗ	Νέα Καλλικράτεια Χαλκιδικής οικόπεδα 6.500 τ.μ. Τηλ. 031-30-4245.

ΧΩΡΙΣ προκαταβολή οικόπεδα εντός σχεδίου. Τηλ. 031-389.

ΟΙΚΟΠΕΔΑ και αγροτεμάχια προς πώληση. Τηλ. 765-563.

ΠΩΛΕΙΤΑΙ οικόπεδο 2.000 τ.μ. στα Βασιλικά. Τηλ. 203-531.

ΣΤΗΝ Πεύκα Χαλκιδικής οικόπεδα 1.100 τ.μ. Τηλ. 22-16-22.

Η ΣΥΝΕΧΕΙΑ ΣΤΗ 15Η ΣΕΛΙΔΑ
